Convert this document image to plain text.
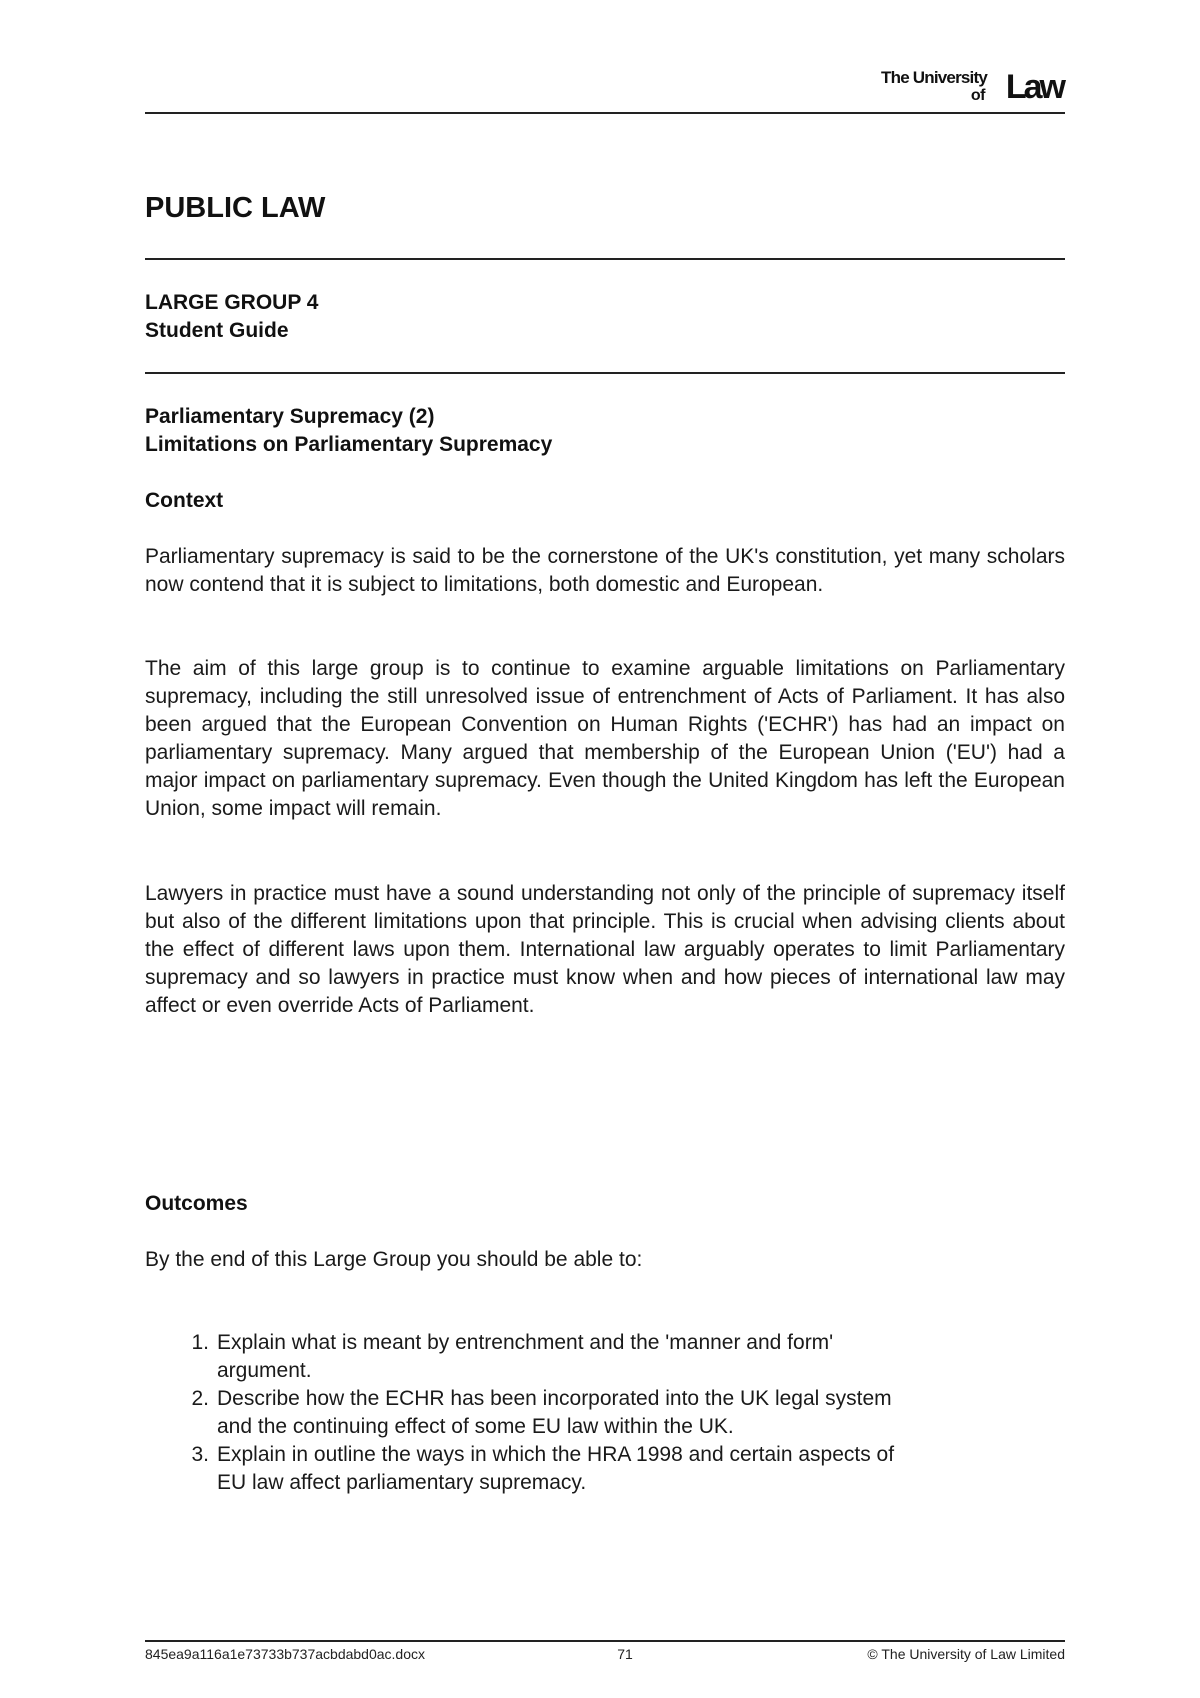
The University
of Law
PUBLIC LAW
LARGE GROUP 4
Student Guide
Parliamentary Supremacy (2)
Limitations on Parliamentary Supremacy
Context

Parliamentary supremacy is said to be the cornerstone of the UK's constitution, yet many scholars now contend that it is subject to limitations, both domestic and European.

The aim of this large group is to continue to examine arguable limitations on Parliamentary supremacy, including the still unresolved issue of entrenchment of Acts of Parliament. It has also been argued that the European Convention on Human Rights ('ECHR') has had an impact on parliamentary supremacy. Many argued that membership of the European Union ('EU') had a major impact on parliamentary supremacy. Even though the United Kingdom has left the European Union, some impact will remain.

Lawyers in practice must have a sound understanding not only of the principle of supremacy itself but also of the different limitations upon that principle. This is crucial when advising clients about the effect of different laws upon them. International law arguably operates to limit Parliamentary supremacy and so lawyers in practice must know when and how pieces of international law may affect or even override Acts of Parliament.

Outcomes

By the end of this Large Group you should be able to:

1. Explain what is meant by entrenchment and the 'manner and form' argument.
2. Describe how the ECHR has been incorporated into the UK legal system and the continuing effect of some EU law within the UK.
3. Explain in outline the ways in which the HRA 1998 and certain aspects of EU law affect parliamentary supremacy.
845ea9a116a1e73733b737acbdabd0ac.docx	71	© The University of Law Limited
